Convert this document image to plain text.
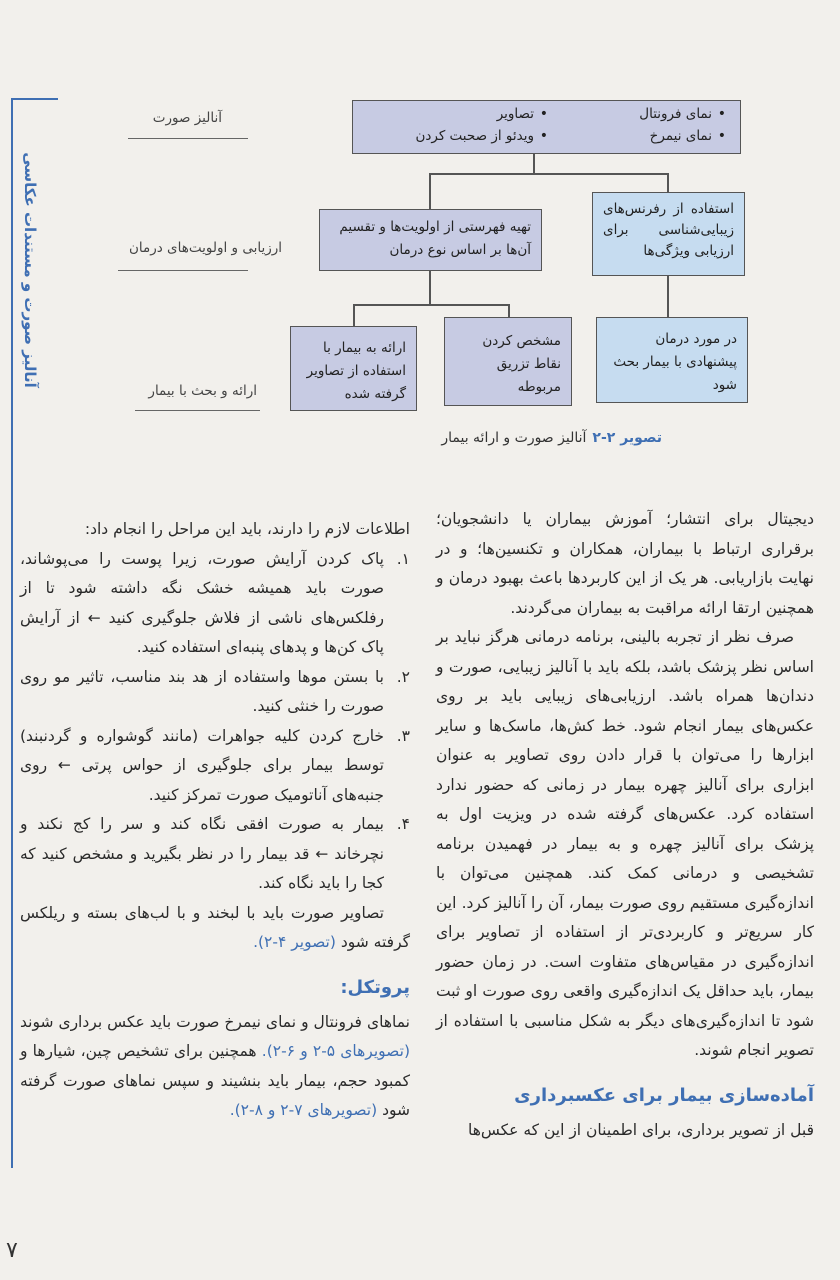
آنالیز صورت و مستندات عکاسی
۷
آنالیز صورت
ارزیابی و اولویت‌های درمان
ارائه و بحث با بیمار
• نمای فرونتال
• نمای نیمرخ
• تصاویر
• ویدئو از صحبت کردن
استفاده از رفرنس‌های زیبایی‌شناسی برای ارزیابی ویژگی‌ها
تهیه فهرستی از اولویت‌ها و تقسیم آن‌ها بر اساس نوع درمان
در مورد درمان پیشنهادی با بیمار بحث شود
مشخص کردن نقاط تزریق مربوطه
ارائه به بیمار با استفاده از تصاویر گرفته شده
تصویر ۲-۲آنالیز صورت و ارائه بیمار

دیجیتال برای انتشار؛ آموزش بیماران یا دانشجویان؛ برقراری ارتباط با بیماران، همکاران و تکنسین‌ها؛ و در نهایت بازاریابی. هر یک از این کاربردها باعث بهبود درمان و همچنین ارتقا ارائه مراقبت به بیماران می‌گردند.

صرف نظر از تجربه بالینی، برنامه درمانی هرگز نباید بر اساس نظر پزشک باشد، بلکه باید با آنالیز زیبایی، صورت و دندان‌ها همراه باشد. ارزیابی‌های زیبایی باید بر روی عکس‌های بیمار انجام شود. خط کش‌ها، ماسک‌ها و سایر ابزارها را می‌توان با قرار دادن روی تصاویر به عنوان ابزاری برای آنالیز چهره بیمار در زمانی که حضور ندارد استفاده کرد. عکس‌های گرفته شده در ویزیت اول به پزشک برای آنالیز چهره و به بیمار در فهمیدن برنامه تشخیصی و درمانی کمک کند. همچنین می‌توان با اندازه‌گیری مستقیم روی صورت بیمار، آن را آنالیز کرد. این کار سریع‌تر و کاربردی‌تر از استفاده از تصاویر برای اندازه‌گیری در مقیاس‌های متفاوت است. در زمان حضور بیمار، باید حداقل یک اندازه‌گیری واقعی روی صورت او ثبت شود تا اندازه‌گیری‌های دیگر به شکل مناسبی با استفاده از تصویر انجام شوند.

آماده‌سازی بیمار برای عکسبرداری

قبل از تصویر برداری، برای اطمینان از این که عکس‌ها

اطلاعات لازم را دارند، باید این مراحل را انجام داد:

۱.
پاک کردن آرایش صورت، زیرا پوست را می‌پوشاند، صورت باید همیشه خشک نگه داشته شود تا از رفلکس‌های ناشی از فلاش جلوگیری کنید ← از آرایش پاک کن‌ها و پدهای پنبه‌ای استفاده کنید.
۲.
با بستن موها واستفاده از هد بند مناسب، تاثیر مو روی صورت را خنثی کنید.
۳.
خارج کردن کلیه جواهرات (مانند گوشواره و گردنبند) توسط بیمار برای جلوگیری از حواس پرتی ← روی جنبه‌های آناتومیک صورت تمرکز کنید.
۴.
بیمار به صورت افقی نگاه کند و سر را کج نکند و نچرخاند ← قد بیمار را در نظر بگیرید و مشخص کنید که کجا را باید نگاه کند.

تصاویر صورت باید با لبخند و با لب‌های بسته و ریلکس گرفته شود (تصویر ۴-۲).

پروتکل:

نماهای فرونتال و نمای نیمرخ صورت باید عکس برداری شوند (تصویرهای ۵-۲ و ۶-۲). همچنین برای تشخیص چین، شیارها و کمبود حجم، بیمار باید بنشیند و سپس نماهای صورت گرفته شود (تصویرهای ۷-۲ و ۸-۲).
